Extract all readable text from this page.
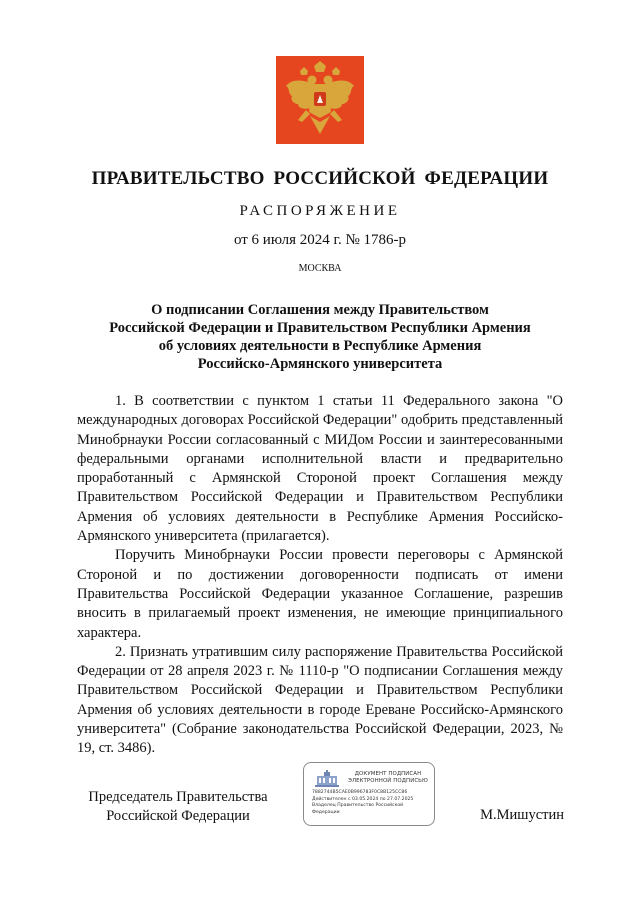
ПРАВИТЕЛЬСТВО РОССИЙСКОЙ ФЕДЕРАЦИИ
РАСПОРЯЖЕНИЕ
от 6 июля 2024 г. № 1786-р
МОСКВА
О подписании Соглашения между Правительством
Российской Федерации и Правительством Республики Армения
об условиях деятельности в Республике Армения
Российско-Армянского университета

1. В соответствии с пунктом 1 статьи 11 Федерального закона "О международных договорах Российской Федерации" одобрить представленный Минобрнауки России согласованный с МИДом России и заинтересованными федеральными органами исполнительной власти и предварительно проработанный с Армянской Стороной проект Соглашения между Правительством Российской Федерации и Правительством Республики Армения об условиях деятельности в Республике Армения Российско-Армянского университета (прилагается).

Поручить Минобрнауки России провести переговоры с Армянской Стороной и по достижении договоренности подписать от имени Правительства Российской Федерации указанное Соглашение, разрешив вносить в прилагаемый проект изменения, не имеющие принципиального характера.

2. Признать утратившим силу распоряжение Правительства Российской Федерации от 28 апреля 2023 г. № 1110-р "О подписании Соглашения между Правительством Российской Федерации и Правительством Республики Армения об условиях деятельности в городе Ереване Российско-Армянского университета" (Собрание законодательства Российской Федерации, 2023, № 19, ст. 3486).

Председатель Правительства
Российской Федерации
ДОКУМЕНТ ПОДПИСАН
ЭЛЕКТРОННОЙ ПОДПИСЬЮ
7882744B5CAE0B996783F0C8B125CC86
Действителен с 03.05.2024 по 27.07.2025
Владелец Правительство Российской
Федерации	М.Мишустин
